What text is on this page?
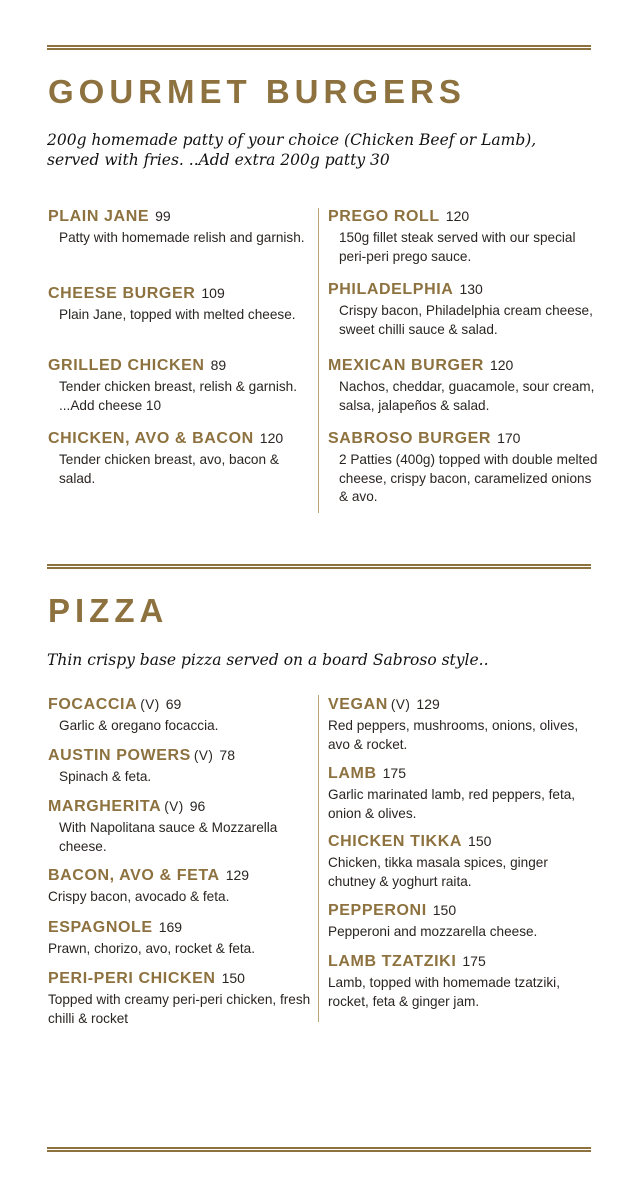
GOURMET BURGERS
200g homemade patty of your choice (Chicken Beef or Lamb),
served with fries. ..Add extra 200g patty 30
PLAIN JANE 99
Patty with homemade relish and garnish.
CHEESE BURGER 109
Plain Jane, topped with melted cheese.
GRILLED CHICKEN 89
Tender chicken breast, relish & garnish. ...Add cheese 10
CHICKEN, AVO & BACON 120
Tender chicken breast, avo, bacon & salad.
PREGO ROLL 120
150g fillet steak served with our special peri-peri prego sauce.
PHILADELPHIA 130
Crispy bacon, Philadelphia cream cheese, sweet chilli sauce & salad.
MEXICAN BURGER 120
Nachos, cheddar, guacamole, sour cream, salsa, jalapeños & salad.
SABROSO BURGER 170
2 Patties (400g) topped with double melted cheese, crispy bacon, caramelized onions & avo.
PIZZA
Thin crispy base pizza served on a board Sabroso style..
FOCACCIA (V) 69
Garlic & oregano focaccia.
AUSTIN POWERS (V) 78
Spinach & feta.
MARGHERITA (V) 96
With Napolitana sauce & Mozzarella cheese.
BACON, AVO & FETA 129
Crispy bacon, avocado & feta.
ESPAGNOLE 169
Prawn, chorizo, avo, rocket & feta.
PERI-PERI CHICKEN 150
Topped with creamy peri-peri chicken, fresh chilli & rocket
VEGAN (V) 129
Red peppers, mushrooms, onions, olives, avo & rocket.
LAMB 175
Garlic marinated lamb, red peppers, feta, onion & olives.
CHICKEN TIKKA 150
Chicken, tikka masala spices, ginger chutney & yoghurt raita.
PEPPERONI 150
Pepperoni and mozzarella cheese.
LAMB TZATZIKI 175
Lamb, topped with homemade tzatziki, rocket, feta & ginger jam.
